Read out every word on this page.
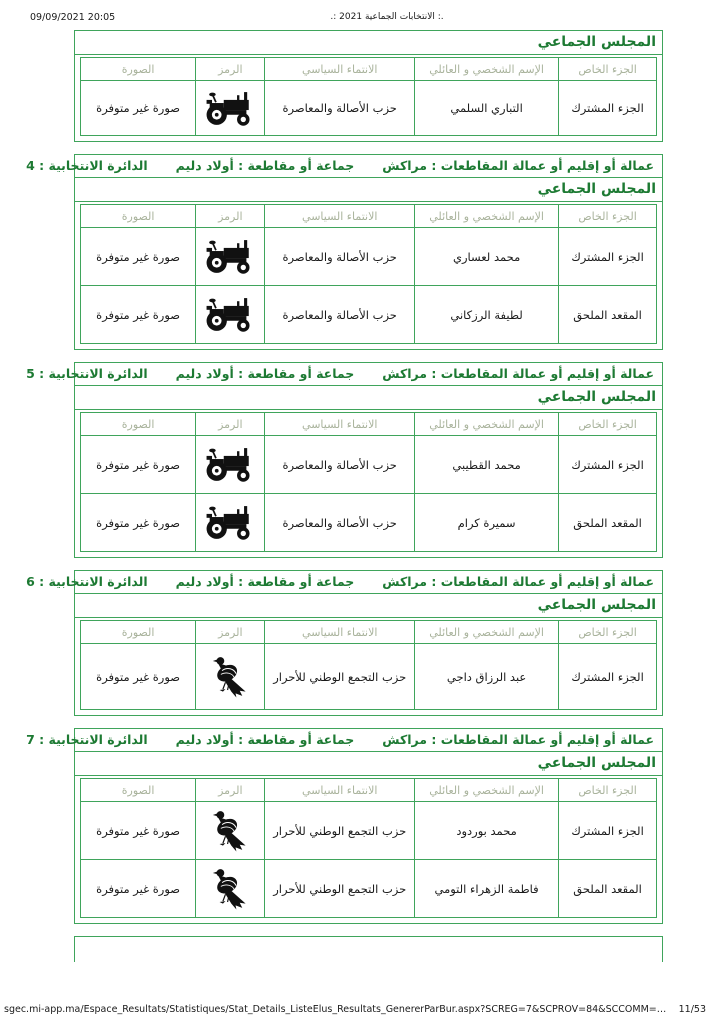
09/09/2021 20:05	.: الانتخابات الجماعية 2021 :.
المجلس الجماعي
الجزء الخاص	الإسم الشخصي و العائلي	الانتماء السياسي	الرمز	الصورة
الجزء المشترك	التباري السلمي	حزب الأصالة والمعاصرة		صورة غير متوفرة
عمالة أو إقليم أو عمالة المقاطعات : مراكش
جماعة أو مقاطعة : أولاد دليم
الدائرة الانتخابية : 4
المجلس الجماعي
الجزء الخاص	الإسم الشخصي و العائلي	الانتماء السياسي	الرمز	الصورة
الجزء المشترك	محمد لعساري	حزب الأصالة والمعاصرة		صورة غير متوفرة
المقعد الملحق	لطيفة الرزكاني	حزب الأصالة والمعاصرة		صورة غير متوفرة
عمالة أو إقليم أو عمالة المقاطعات : مراكش
جماعة أو مقاطعة : أولاد دليم
الدائرة الانتخابية : 5
المجلس الجماعي
الجزء الخاص	الإسم الشخصي و العائلي	الانتماء السياسي	الرمز	الصورة
الجزء المشترك	محمد القطيبي	حزب الأصالة والمعاصرة		صورة غير متوفرة
المقعد الملحق	سميرة كرام	حزب الأصالة والمعاصرة		صورة غير متوفرة
عمالة أو إقليم أو عمالة المقاطعات : مراكش
جماعة أو مقاطعة : أولاد دليم
الدائرة الانتخابية : 6
المجلس الجماعي
الجزء الخاص	الإسم الشخصي و العائلي	الانتماء السياسي	الرمز	الصورة
الجزء المشترك	عبد الرزاق داجي	حزب التجمع الوطني للأحرار		صورة غير متوفرة
عمالة أو إقليم أو عمالة المقاطعات : مراكش
جماعة أو مقاطعة : أولاد دليم
الدائرة الانتخابية : 7
المجلس الجماعي
الجزء الخاص	الإسم الشخصي و العائلي	الانتماء السياسي	الرمز	الصورة
الجزء المشترك	محمد بوردود	حزب التجمع الوطني للأحرار		صورة غير متوفرة
المقعد الملحق	فاطمة الزهراء التومي	حزب التجمع الوطني للأحرار		صورة غير متوفرة
sgec.mi-app.ma/Espace_Resultats/Statistiques/Stat_Details_ListeElus_Resultats_GenererParBur.aspx?SCREG=7&SCPROV=84&SCCOMM=… 11/53
